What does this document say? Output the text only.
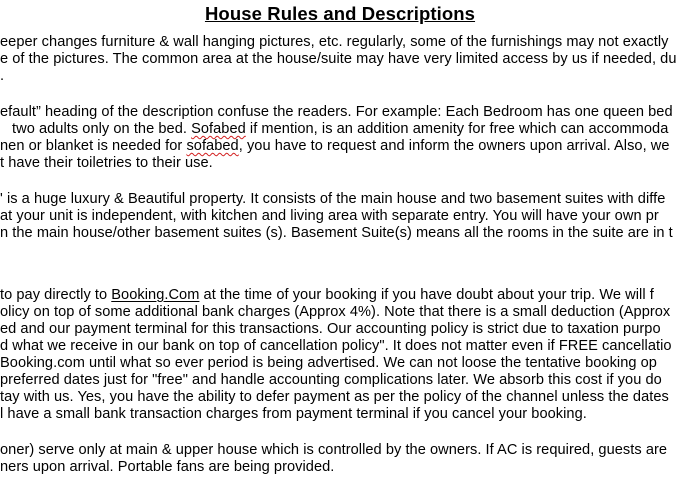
House Rules and Descriptions
eeper changes furniture & wall hanging pictures, etc. regularly, some of the furnishings may not exactly
e of the pictures. The common area at the house/suite may have very limited access by us if needed, du
.
efault” heading of the description confuse the readers. For example: Each Bedroom has one queen bed
two adults only on the bed. Sofabed if mention, is an addition amenity for free which can accommoda
nen or blanket is needed for sofabed, you have to request and inform the owners upon arrival. Also, we
t have their toiletries to their use.
' is a huge luxury & Beautiful property. It consists of the main house and two basement suites with diffe
at your unit is independent, with kitchen and living area with separate entry. You will have your own pr
n the main house/other basement suites (s). Basement Suite(s) means all the rooms in the suite are in t
to pay directly to Booking.Com at the time of your booking if you have doubt about your trip. We will f
olicy on top of some additional bank charges (Approx 4%). Note that there is a small deduction (Approx
ed and our payment terminal for this transactions. Our accounting policy is strict due to taxation purpo
d what we receive in our bank on top of cancellation policy". It does not matter even if FREE cancellatio
Booking.com until what so ever period is being advertised. We can not loose the tentative booking op
preferred dates just for "free" and handle accounting complications later. We absorb this cost if you do
tay with us. Yes, you have the ability to defer payment as per the policy of the channel unless the dates
l have a small bank transaction charges from payment terminal if you cancel your booking.
oner) serve only at main & upper house which is controlled by the owners. If AC is required, guests are
ners upon arrival. Portable fans are being provided.
